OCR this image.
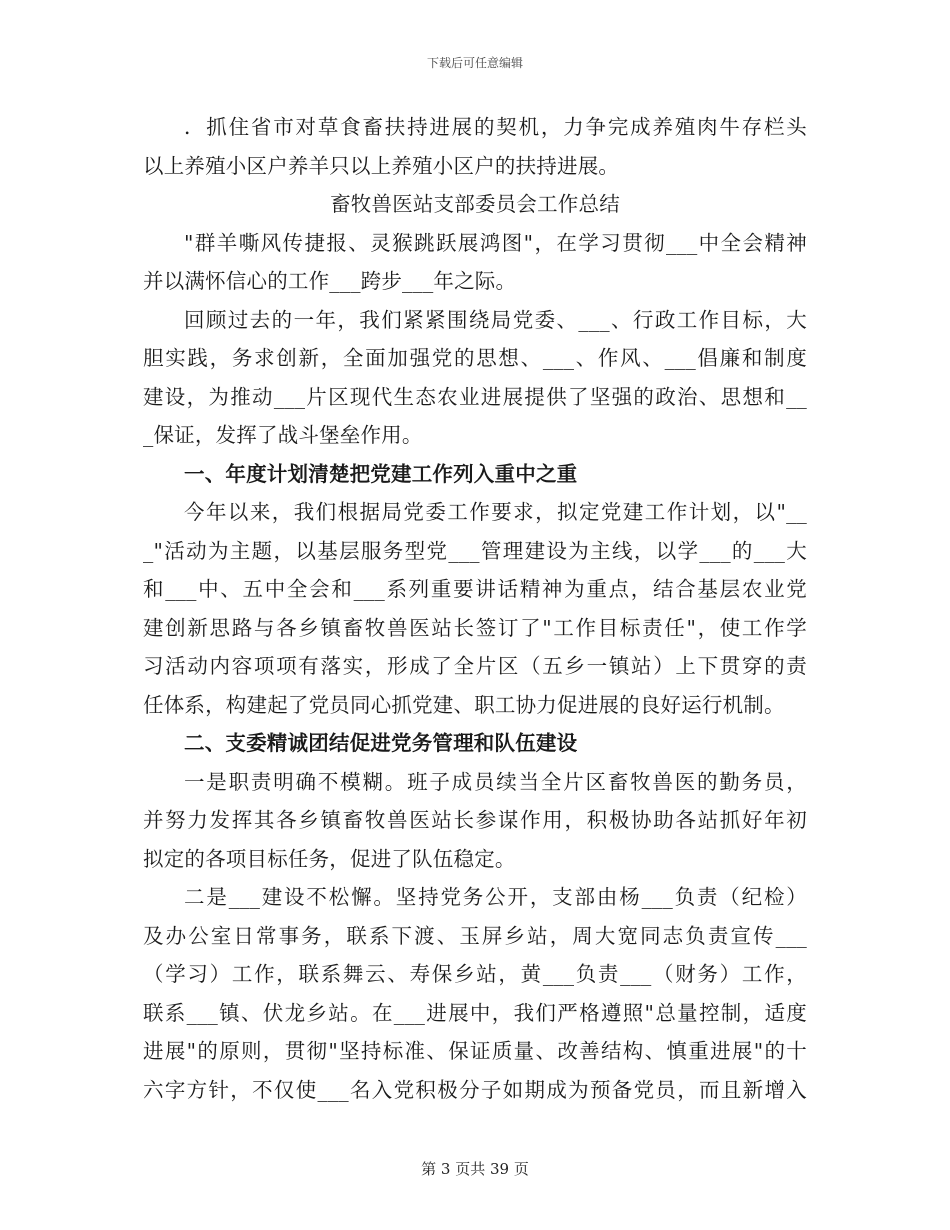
下载后可任意编辑
．抓住省市对草食畜扶持进展的契机，力争完成养殖肉牛存栏头
以上养殖小区户养羊只以上养殖小区户的扶持进展。
畜牧兽医站支部委员会工作总结
"群羊嘶风传捷报、灵猴跳跃展鸿图"，在学习贯彻___中全会精神
并以满怀信心的工作___跨步___年之际。
回顾过去的一年，我们紧紧围绕局党委、___、行政工作目标，大
胆实践，务求创新，全面加强党的思想、___、作风、___倡廉和制度
建设，为推动___片区现代生态农业进展提供了坚强的政治、思想和__
_保证，发挥了战斗堡垒作用。
一、年度计划清楚把党建工作列入重中之重
今年以来，我们根据局党委工作要求，拟定党建工作计划，以"__
_"活动为主题，以基层服务型党___管理建设为主线，以学___的___大
和___中、五中全会和___系列重要讲话精神为重点，结合基层农业党
建创新思路与各乡镇畜牧兽医站长签订了"工作目标责任"，使工作学
习活动内容项项有落实，形成了全片区（五乡一镇站）上下贯穿的责
任体系，构建起了党员同心抓党建、职工协力促进展的良好运行机制。
二、支委精诚团结促进党务管理和队伍建设
一是职责明确不模糊。班子成员续当全片区畜牧兽医的勤务员，
并努力发挥其各乡镇畜牧兽医站长参谋作用，积极协助各站抓好年初
拟定的各项目标任务，促进了队伍稳定。
二是___建设不松懈。坚持党务公开，支部由杨___负责（纪检）
及办公室日常事务，联系下渡、玉屏乡站，周大宽同志负责宣传___
（学习）工作，联系舞云、寿保乡站，黄___负责___（财务）工作，
联系___镇、伏龙乡站。在___进展中，我们严格遵照"总量控制，适度
进展"的原则，贯彻"坚持标准、保证质量、改善结构、慎重进展"的十
六字方针，不仅使___名入党积极分子如期成为预备党员，而且新增入
第 3 页共 39 页
